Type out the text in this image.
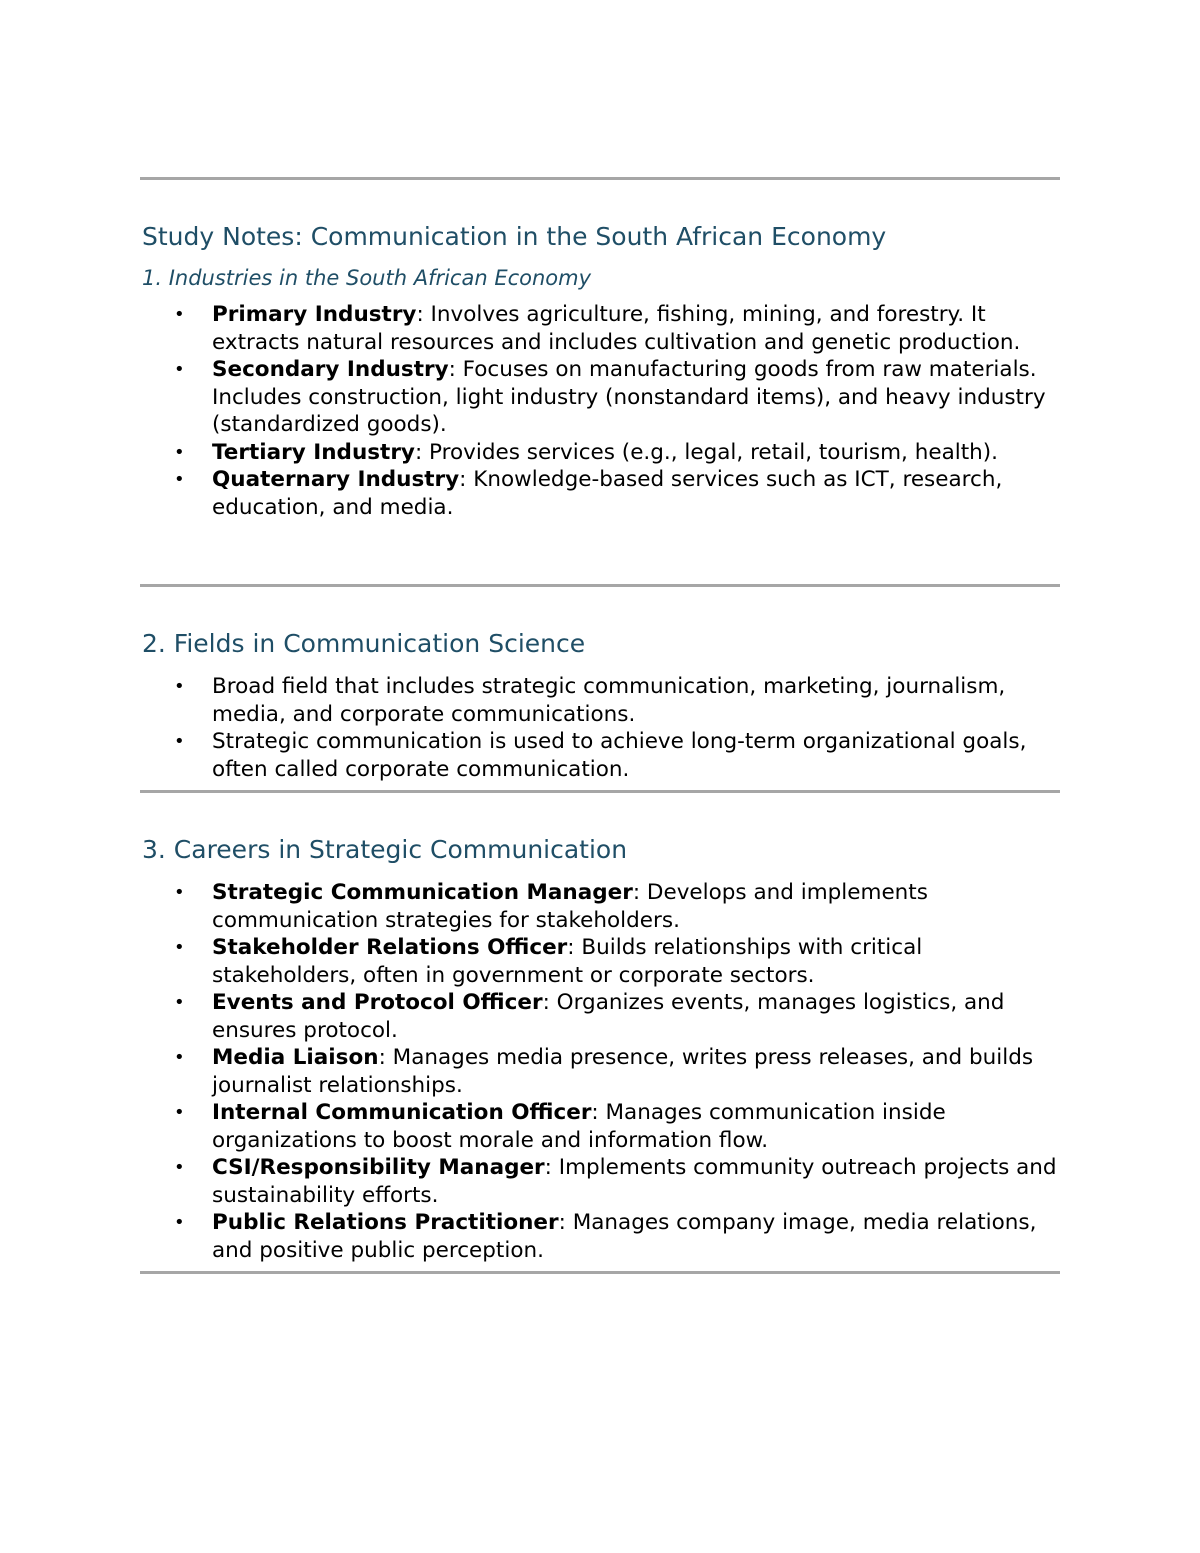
Study Notes: Communication in the South African Economy
1. Industries in the South African Economy
• Primary Industry: Involves agriculture, fishing, mining, and forestry. It extracts natural resources and includes cultivation and genetic production.
• Secondary Industry: Focuses on manufacturing goods from raw materials. Includes construction, light industry (nonstandard items), and heavy industry (standardized goods).
• Tertiary Industry: Provides services (e.g., legal, retail, tourism, health).
• Quaternary Industry: Knowledge-based services such as ICT, research, education, and media.
2. Fields in Communication Science
• Broad field that includes strategic communication, marketing, journalism, media, and corporate communications.
• Strategic communication is used to achieve long-term organizational goals, often called corporate communication.
3. Careers in Strategic Communication
• Strategic Communication Manager: Develops and implements communication strategies for stakeholders.
• Stakeholder Relations Officer: Builds relationships with critical stakeholders, often in government or corporate sectors.
• Events and Protocol Officer: Organizes events, manages logistics, and ensures protocol.
• Media Liaison: Manages media presence, writes press releases, and builds journalist relationships.
• Internal Communication Officer: Manages communication inside organizations to boost morale and information flow.
• CSI/Responsibility Manager: Implements community outreach projects and sustainability efforts.
• Public Relations Practitioner: Manages company image, media relations, and positive public perception.
